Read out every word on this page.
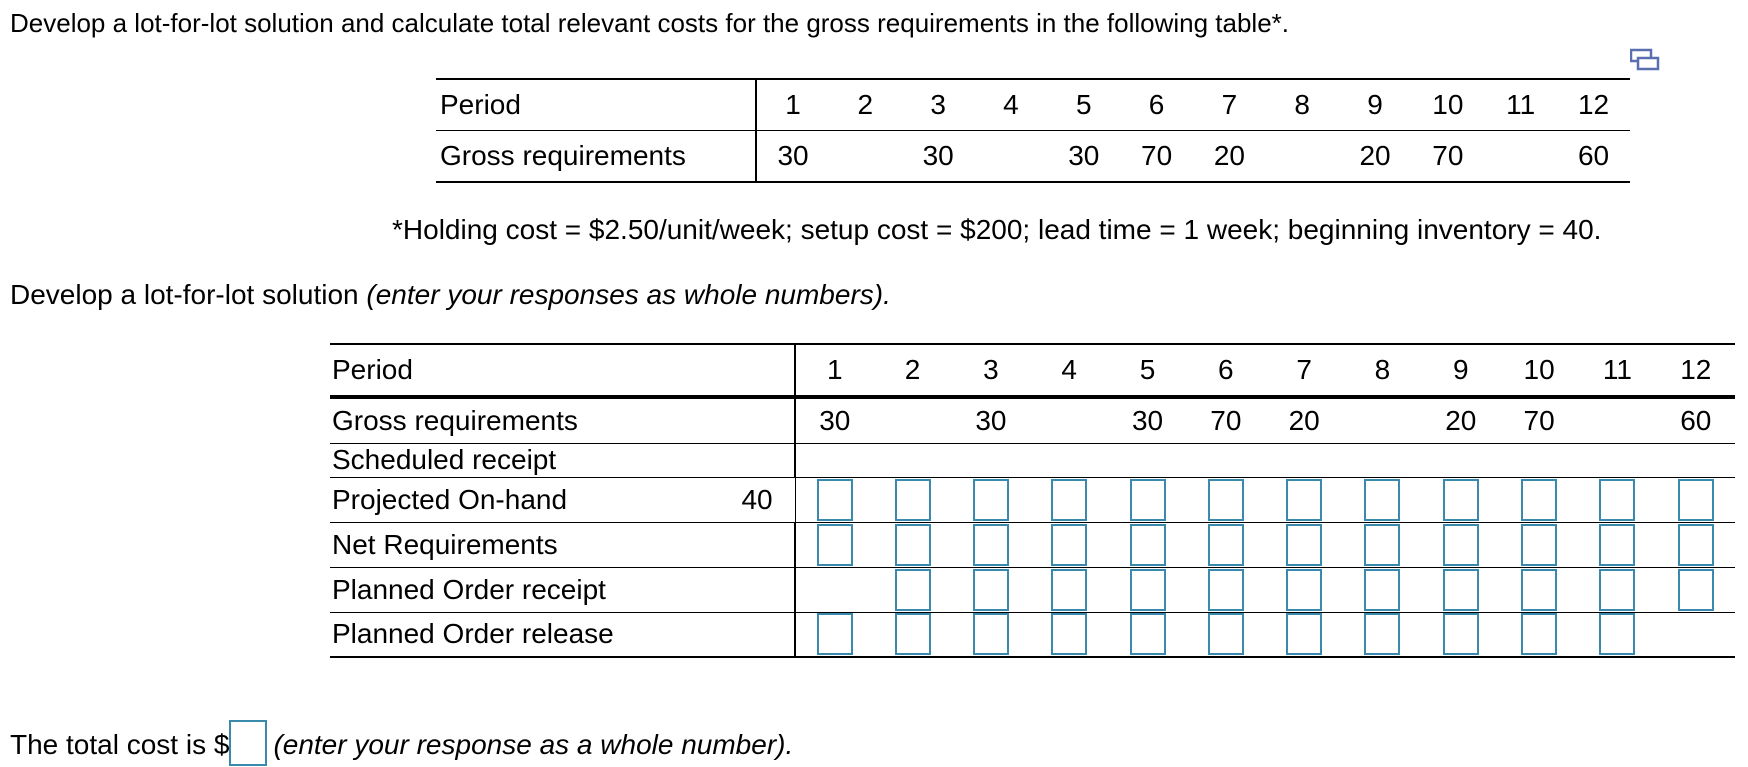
Develop a lot-for-lot solution and calculate total relevant costs for the gross requirements in the following table*.
Period	1	2	3	4	5	6	7	8	9	10	11	12
Gross requirements	30		30		30	70	20		20	70		60
*Holding cost = $2.50/unit/week; setup cost = $200; lead time = 1 week; beginning inventory = 40.
Develop a lot-for-lot solution (enter your responses as whole numbers).
Period		1	2	3	4	5	6	7	8	9	10	11	12
Gross requirements		30		30		30	70	20		20	70		60
Scheduled receipt													
Projected On-hand	40												
Net Requirements													
Planned Order receipt													
Planned Order release													
The total cost is $ (enter your response as a whole number).
